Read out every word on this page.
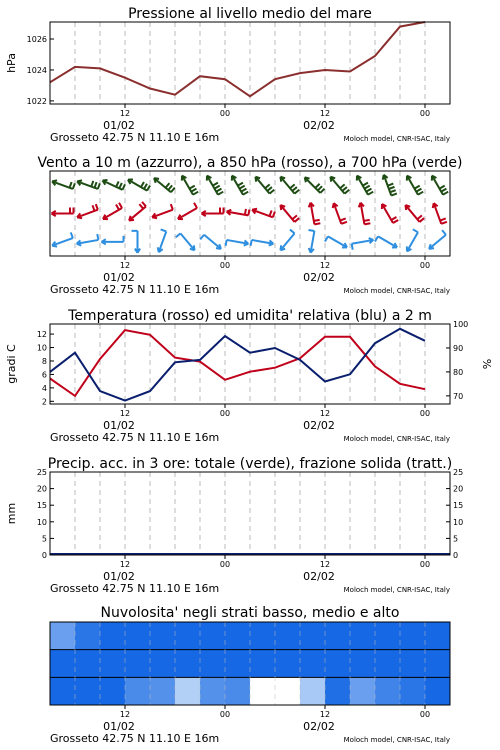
12	00	12	00
01/02	02/02
Grosseto 42.75 N 11.10 E 16m	Moloch model, CNR-ISAC, Italy
Pressione al livello medio del mare
hPa
1022
1024
1026
12	00	12	00
01/02	02/02
Grosseto 42.75 N 11.10 E 16m	Moloch model, CNR-ISAC, Italy
Vento a 10 m (azzurro), a 850 hPa (rosso), a 700 hPa (verde)
12	00	12	00
01/02	02/02
Grosseto 42.75 N 11.10 E 16m	Moloch model, CNR-ISAC, Italy
Temperatura (rosso) ed umidita' relativa (blu) a 2 m
gradi C	%
2
4
6
8
10
12
70
80
90
100
12	00	12	00
01/02	02/02
Grosseto 42.75 N 11.10 E 16m	Moloch model, CNR-ISAC, Italy
Precip. acc. in 3 ore: totale (verde), frazione solida (tratt.)
mm
0
5
10
15
20
25
0
5
10
15
20
25
12	00	12	00
01/02	02/02
Grosseto 42.75 N 11.10 E 16m	Moloch model, CNR-ISAC, Italy
Nuvolosita' negli strati basso, medio e alto
